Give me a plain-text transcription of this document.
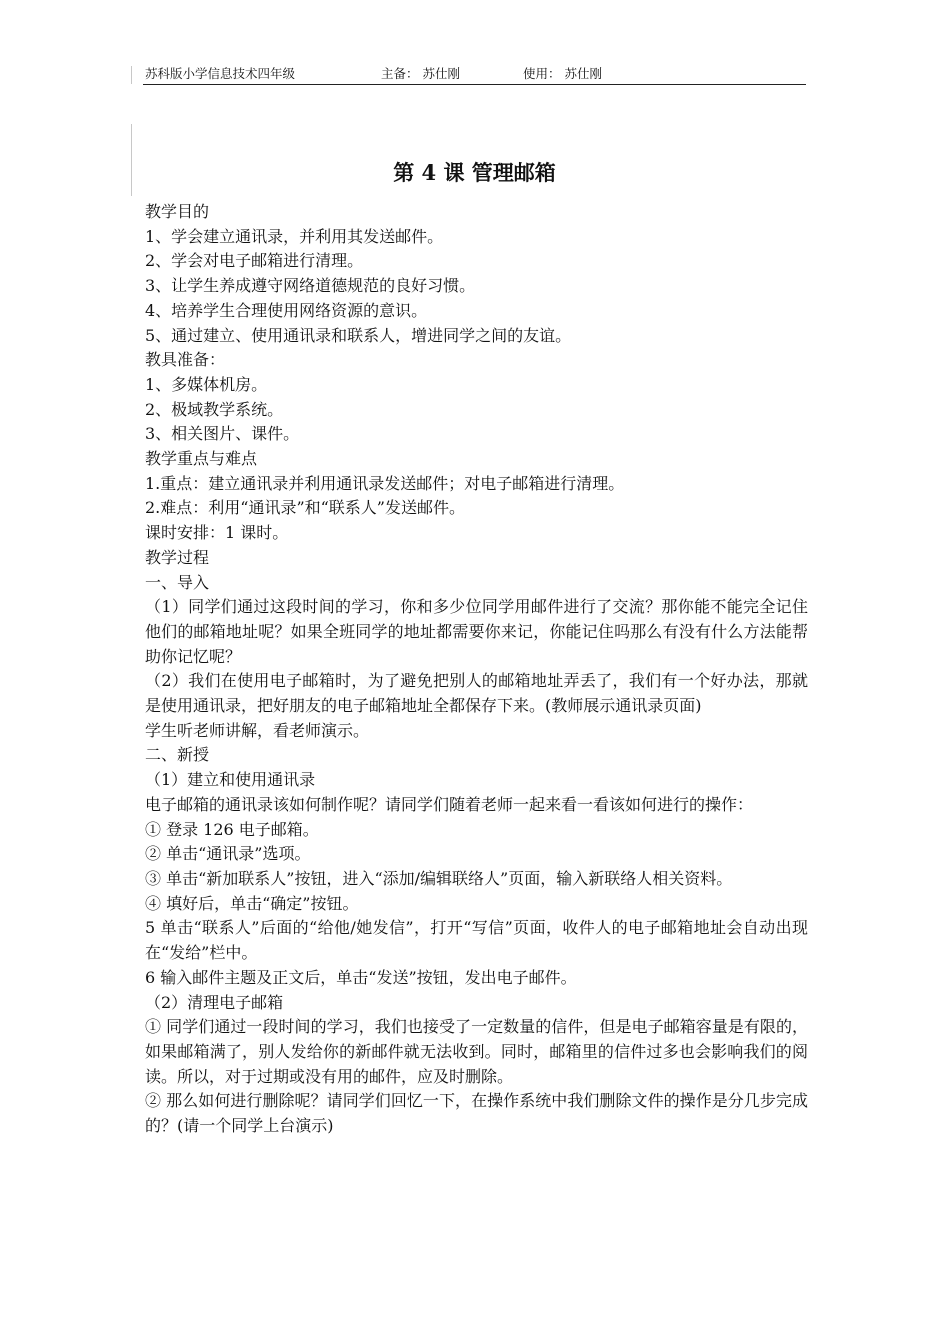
苏科版小学信息技术四年级	主备： 苏仕刚	使用： 苏仕刚
第 4 课 管理邮箱

教学目的

1、学会建立通讯录，并利用其发送邮件。

2、学会对电子邮箱进行清理。

3、让学生养成遵守网络道德规范的良好习惯。

4、培养学生合理使用网络资源的意识。

5、通过建立、使用通讯录和联系人，增进同学之间的友谊。

教具准备：

1、多媒体机房。

2、极域教学系统。

3、相关图片、课件。

教学重点与难点

1.重点：建立通讯录并利用通讯录发送邮件；对电子邮箱进行清理。

2.难点：利用“通讯录”和“联系人”发送邮件。

课时安排：1 课时。

教学过程

一、导入

（1）同学们通过这段时间的学习，你和多少位同学用邮件进行了交流？那你能不能完全记住他们的邮箱地址呢？如果全班同学的地址都需要你来记，你能记住吗那么有没有什么方法能帮助你记忆呢？

（2）我们在使用电子邮箱时，为了避免把别人的邮箱地址弄丢了，我们有一个好办法，那就是使用通讯录，把好朋友的电子邮箱地址全都保存下来。(教师展示通讯录页面)

学生听老师讲解，看老师演示。

二、新授

（1）建立和使用通讯录

电子邮箱的通讯录该如何制作呢？请同学们随着老师一起来看一看该如何进行的操作：

① 登录 126 电子邮箱。

② 单击“通讯录”选项。

③ 单击“新加联系人”按钮，进入“添加/编辑联络人”页面，输入新联络人相关资料。

④ 填好后，单击“确定”按钮。

5 单击“联系人”后面的“给他/她发信”，打开“写信”页面，收件人的电子邮箱地址会自动出现在“发给”栏中。

6 输入邮件主题及正文后，单击“发送”按钮，发出电子邮件。

（2）清理电子邮箱

① 同学们通过一段时间的学习，我们也接受了一定数量的信件，但是电子邮箱容量是有限的，如果邮箱满了，别人发给你的新邮件就无法收到。同时，邮箱里的信件过多也会影响我们的阅读。所以，对于过期或没有用的邮件，应及时删除。

② 那么如何进行删除呢？请同学们回忆一下，在操作系统中我们删除文件的操作是分几步完成的？(请一个同学上台演示)
